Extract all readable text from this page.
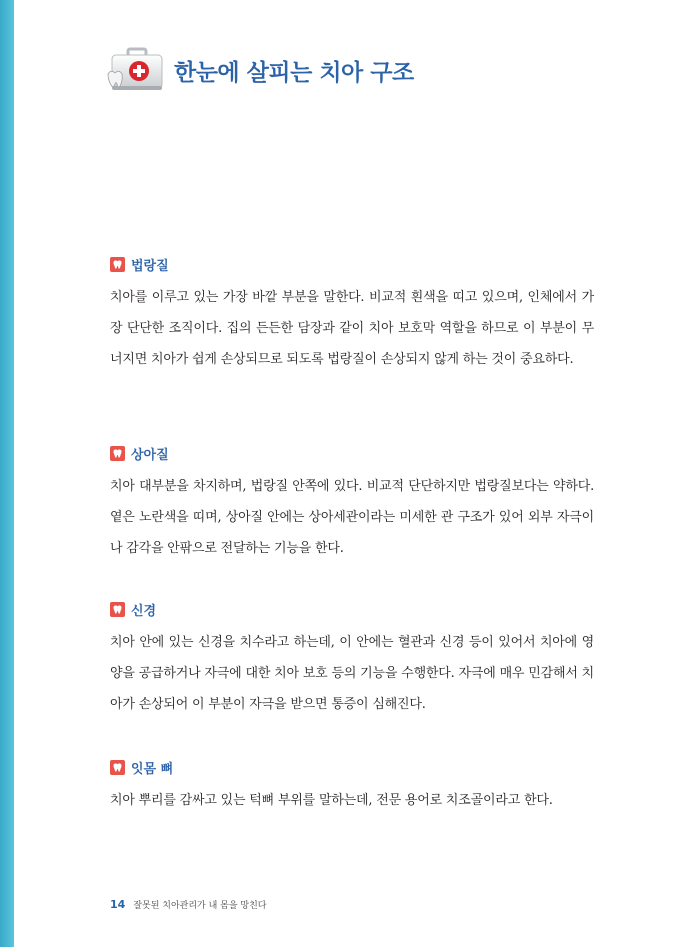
한눈에 살피는 치아 구조
법랑질

치아를 이루고 있는 가장 바깥 부분을 말한다. 비교적 흰색을 띠고 있으며, 인체에서 가장 단단한 조직이다. 집의 든든한 담장과 같이 치아 보호막 역할을 하므로 이 부분이 무너지면 치아가 쉽게 손상되므로 되도록 법랑질이 손상되지 않게 하는 것이 중요하다.

상아질

치아 대부분을 차지하며, 법랑질 안쪽에 있다. 비교적 단단하지만 법랑질보다는 약하다. 옅은 노란색을 띠며, 상아질 안에는 상아세관이라는 미세한 관 구조가 있어 외부 자극이나 감각을 안팎으로 전달하는 기능을 한다.

신경

치아 안에 있는 신경을 치수라고 하는데, 이 안에는 혈관과 신경 등이 있어서 치아에 영양을 공급하거나 자극에 대한 치아 보호 등의 기능을 수행한다. 자극에 매우 민감해서 치아가 손상되어 이 부분이 자극을 받으면 통증이 심해진다.

잇몸 뼈

치아 뿌리를 감싸고 있는 턱뼈 부위를 말하는데, 전문 용어로 치조골이라고 한다.

14 잘못된 치아관리가 내 몸을 망친다
